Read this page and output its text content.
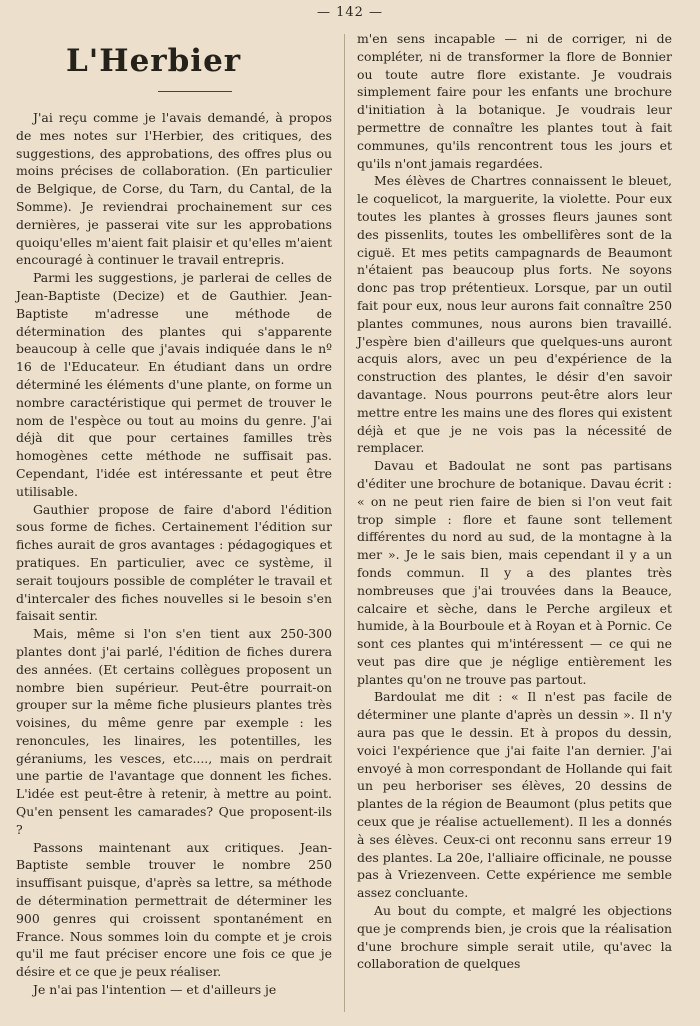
— 142 —
L'Herbier

J'ai reçu comme je l'avais demandé, à propos de mes notes sur l'Herbier, des critiques, des suggestions, des approbations, des offres plus ou moins précises de collaboration. (En particulier de Belgique, de Corse, du Tarn, du Cantal, de la Somme). Je reviendrai prochainement sur ces dernières, je passerai vite sur les approbations quoiqu'elles m'aient fait plaisir et qu'elles m'aient encouragé à continuer le travail entrepris.

Parmi les suggestions, je parlerai de celles de Jean-Baptiste (Decize) et de Gauthier. Jean-Baptiste m'adresse une méthode de détermination des plantes qui s'apparente beaucoup à celle que j'avais indiquée dans le nº 16 de l'Educateur. En étudiant dans un ordre déterminé les éléments d'une plante, on forme un nombre caractéristique qui permet de trouver le nom de l'espèce ou tout au moins du genre. J'ai déjà dit que pour certaines familles très homogènes cette méthode ne suffisait pas. Cependant, l'idée est intéressante et peut être utilisable.

Gauthier propose de faire d'abord l'édition sous forme de fiches. Certainement l'édition sur fiches aurait de gros avantages : pédagogiques et pratiques. En particulier, avec ce système, il serait toujours possible de compléter le travail et d'intercaler des fiches nouvelles si le besoin s'en faisait sentir.

Mais, même si l'on s'en tient aux 250-300 plantes dont j'ai parlé, l'édition de fiches durera des années. (Et certains collègues proposent un nombre bien supérieur. Peut-être pourrait-on grouper sur la même fiche plusieurs plantes très voisines, du même genre par exemple : les renoncules, les linaires, les potentilles, les géraniums, les vesces, etc...., mais on perdrait une partie de l'avantage que donnent les fiches. L'idée est peut-être à retenir, à mettre au point. Qu'en pensent les camarades? Que proposent-ils ?

Passons maintenant aux critiques. Jean-Baptiste semble trouver le nombre 250 insuffisant puisque, d'après sa lettre, sa méthode de détermination permettrait de déterminer les 900 genres qui croissent spontanément en France. Nous sommes loin du compte et je crois qu'il me faut préciser encore une fois ce que je désire et ce que je peux réaliser.

Je n'ai pas l'intention — et d'ailleurs je

m'en sens incapable — ni de corriger, ni de compléter, ni de transformer la flore de Bonnier ou toute autre flore existante. Je voudrais simplement faire pour les enfants une brochure d'initiation à la botanique. Je voudrais leur permettre de connaître les plantes tout à fait communes, qu'ils rencontrent tous les jours et qu'ils n'ont jamais regardées.

Mes élèves de Chartres connaissent le bleuet, le coquelicot, la marguerite, la violette. Pour eux toutes les plantes à grosses fleurs jaunes sont des pissenlits, toutes les ombellifères sont de la ciguë. Et mes petits campagnards de Beaumont n'étaient pas beaucoup plus forts. Ne soyons donc pas trop prétentieux. Lorsque, par un outil fait pour eux, nous leur aurons fait connaître 250 plantes communes, nous aurons bien travaillé. J'espère bien d'ailleurs que quelques-uns auront acquis alors, avec un peu d'expérience de la construction des plantes, le désir d'en savoir davantage. Nous pourrons peut-être alors leur mettre entre les mains une des flores qui existent déjà et que je ne vois pas la nécessité de remplacer.

Davau et Badoulat ne sont pas partisans d'éditer une brochure de botanique. Davau écrit : « on ne peut rien faire de bien si l'on veut fait trop simple : flore et faune sont tellement différentes du nord au sud, de la montagne à la mer ». Je le sais bien, mais cependant il y a un fonds commun. Il y a des plantes très nombreuses que j'ai trouvées dans la Beauce, calcaire et sèche, dans le Perche argileux et humide, à la Bourboule et à Royan et à Pornic. Ce sont ces plantes qui m'intéressent — ce qui ne veut pas dire que je néglige entièrement les plantes qu'on ne trouve pas partout.

Bardoulat me dit : « Il n'est pas facile de déterminer une plante d'après un dessin ». Il n'y aura pas que le dessin. Et à propos du dessin, voici l'expérience que j'ai faite l'an dernier. J'ai envoyé à mon correspondant de Hollande qui fait un peu herboriser ses élèves, 20 dessins de plantes de la région de Beaumont (plus petits que ceux que je réalise actuellement). Il les a donnés à ses élèves. Ceux-ci ont reconnu sans erreur 19 des plantes. La 20e, l'alliaire officinale, ne pousse pas à Vriezenveen. Cette expérience me semble assez concluante.

Au bout du compte, et malgré les objections que je comprends bien, je crois que la réalisation d'une brochure simple serait utile, qu'avec la collaboration de quelques
